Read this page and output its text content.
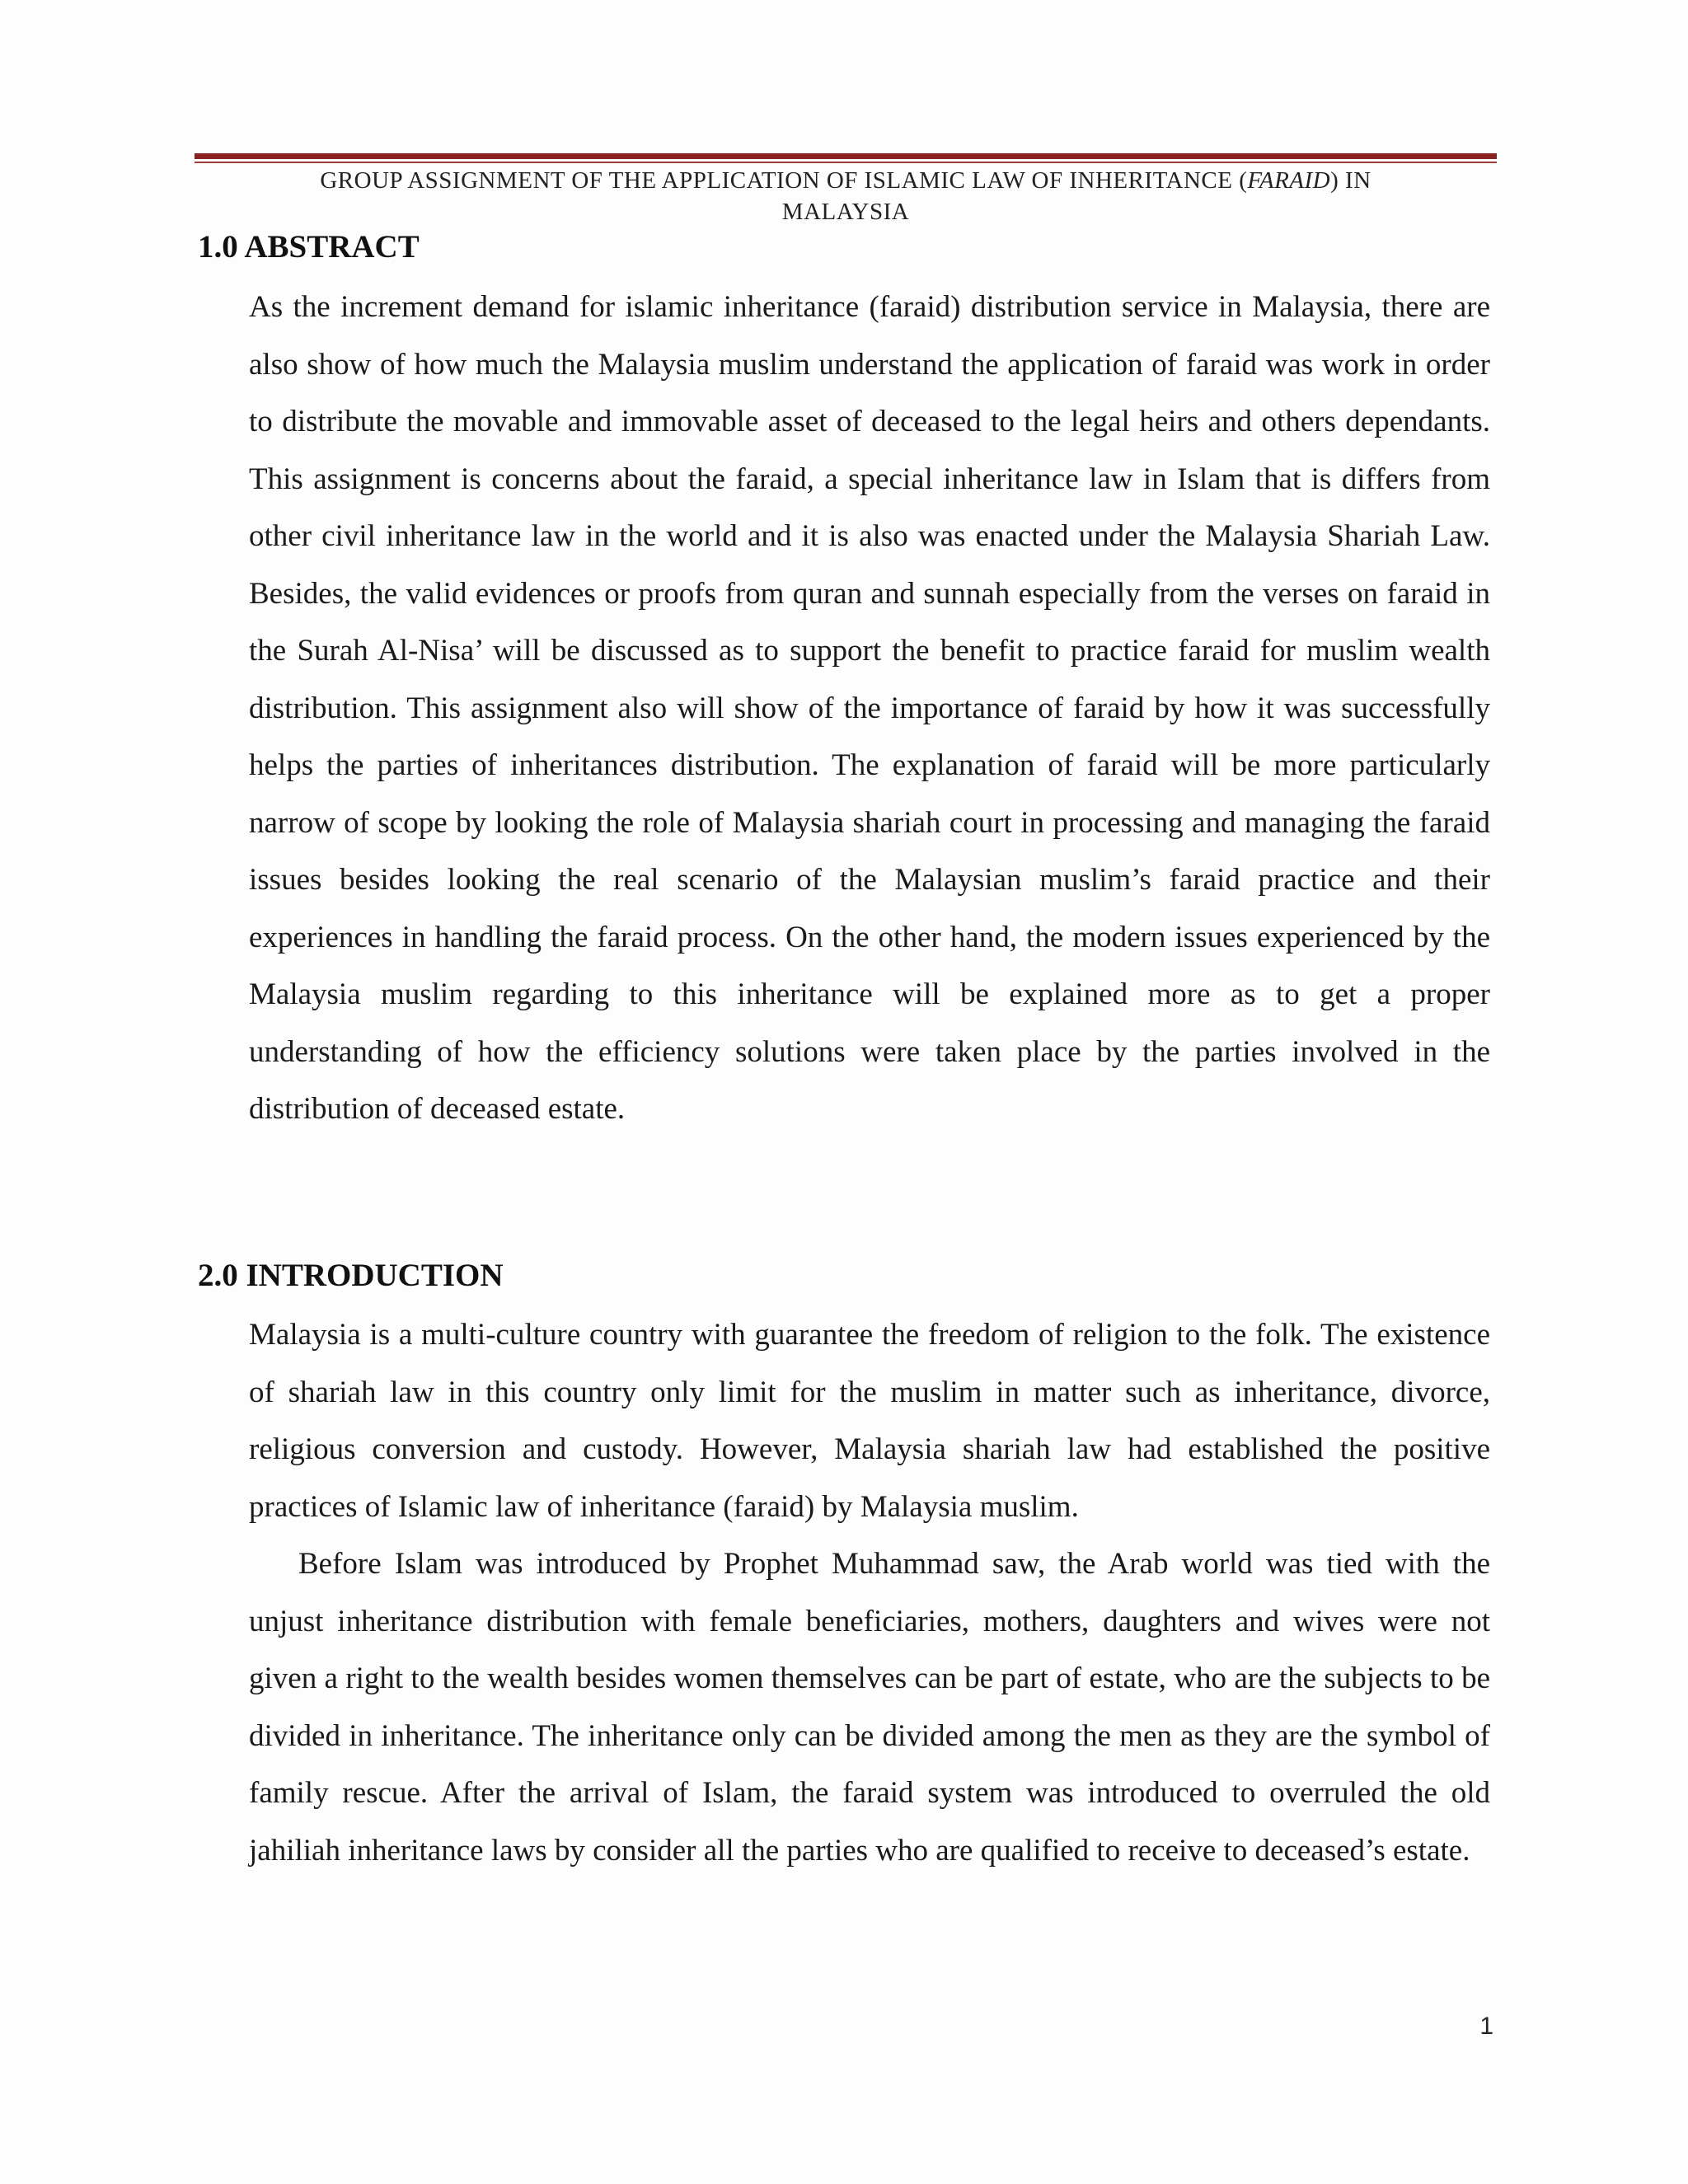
GROUP ASSIGNMENT OF THE APPLICATION OF ISLAMIC LAW OF INHERITANCE (FARAID) IN
MALAYSIA
1.0 ABSTRACT
As the increment demand for islamic inheritance (faraid) distribution service in Malaysia, there are also show of how much the Malaysia muslim understand the application of faraid was work in order to distribute the movable and immovable asset of deceased to the legal heirs and others dependants. This assignment is concerns about the faraid, a special inheritance law in Islam that is differs from other civil inheritance law in the world and it is also was enacted under the Malaysia Shariah Law. Besides, the valid evidences or proofs from quran and sunnah especially from the verses on faraid in the Surah Al-Nisa’ will be discussed as to support the benefit to practice faraid for muslim wealth distribution. This assignment also will show of the importance of faraid by how it was successfully helps the parties of inheritances distribution. The explanation of faraid will be more particularly narrow of scope by looking the role of Malaysia shariah court in processing and managing the faraid issues besides looking the real scenario of the Malaysian muslim’s faraid practice and their experiences in handling the faraid process. On the other hand, the modern issues experienced by the Malaysia muslim regarding to this inheritance will be explained more as to get a proper understanding of how the efficiency solutions were taken place by the parties involved in the distribution of deceased estate.
2.0 INTRODUCTION
Malaysia is a multi-culture country with guarantee the freedom of religion to the folk. The existence of shariah law in this country only limit for the muslim in matter such as inheritance, divorce, religious conversion and custody. However, Malaysia shariah law had established the positive practices of Islamic law of inheritance (faraid) by Malaysia muslim.
Before Islam was introduced by Prophet Muhammad saw, the Arab world was tied with the unjust inheritance distribution with female beneficiaries, mothers, daughters and wives were not given a right to the wealth besides women themselves can be part of estate, who are the subjects to be divided in inheritance. The inheritance only can be divided among the men as they are the symbol of family rescue. After the arrival of Islam, the faraid system was introduced to overruled the old jahiliah inheritance laws by consider all the parties who are qualified to receive to deceased’s estate.
1
